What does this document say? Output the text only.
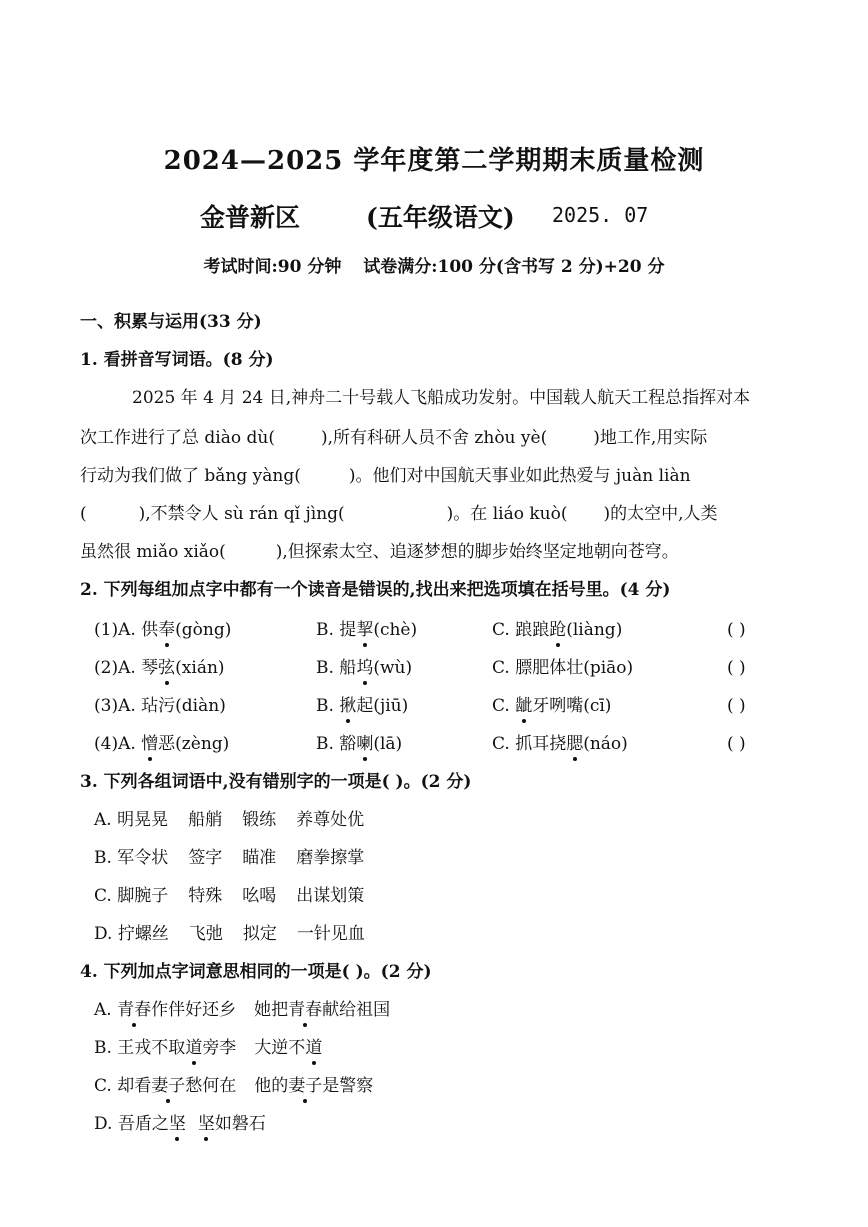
2024—2025 学年度第二学期期末质量检测
金普新区	(五年级语文) 2025. 07
考试时间:90 分钟 试卷满分:100 分(含书写 2 分)+20 分
一、积累与运用(33 分)
1. 看拼音写词语。(8 分)
2025 年 4 月 24 日,神舟二十号载人飞船成功发射。中国载人航天工程总指挥对本
次工作进行了总 diào dù(	),所有科研人员不舍 zhòu yè(	)地工作,用实际
行动为我们做了 bǎng yàng(	)。他们对中国航天事业如此热爱与 juàn liàn
(	),不禁令人 sù rán qǐ jìng(	)。在 liáo kuò( )的太空中,人类
虽然很 miǎo xiǎo(	),但探索太空、追逐梦想的脚步始终坚定地朝向苍穹。
2. 下列每组加点字中都有一个读音是错误的,找出来把选项填在括号里。(4 分)
(1)A. 供奉(gòng)	B. 提挈(chè)	C. 踉踉跄(liàng)	( )
(2)A. 琴弦(xián)	B. 船坞(wù)	C. 膘肥体壮(piāo)	( )
(3)A. 玷污(diàn)	B. 揪起(jiū)	C. 龇牙咧嘴(cī)	( )
(4)A. 憎恶(zèng)	B. 豁喇(lā)	C. 抓耳挠腮(náo)	( )
3. 下列各组词语中,没有错别字的一项是( )。(2 分)
A. 明晃晃 船艄 锻练 养尊处优
B. 军令状 签字 瞄准 磨拳擦掌
C. 脚腕子 特殊 吆喝 出谋划策
D. 拧螺丝 飞弛 拟定 一针见血
4. 下列加点字词意思相同的一项是( )。(2 分)
A. 青春作伴好还乡 她把青春献给祖国
B. 王戎不取道旁李 大逆不道
C. 却看妻子愁何在 他的妻子是警察
D. 吾盾之坚 坚如磐石
